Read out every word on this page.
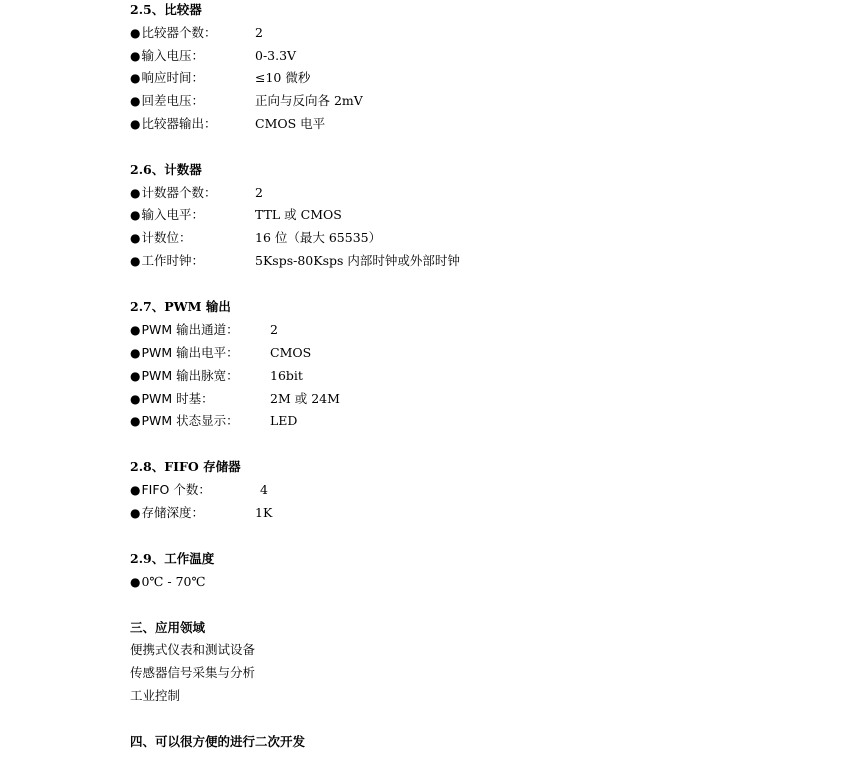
2.5、比较器
●比较器个数：	2
●输入电压：	0-3.3V
●响应时间：	≤10 微秒
●回差电压：	正向与反向各 2mV
●比较器输出：	CMOS 电平
2.6、计数器
●计数器个数：	2
●输入电平：	TTL 或 CMOS
●计数位：	16 位（最大 65535）
●工作时钟：	5Ksps-80Ksps 内部时钟或外部时钟
2.7、PWM 输出
●PWM 输出通道：	2
●PWM 输出电平：	CMOS
●PWM 输出脉宽：	16bit
●PWM 时基：	2M 或 24M
●PWM 状态显示：	LED
2.8、FIFO 存储器
●FIFO 个数：	4
●存储深度：	1K
2.9、工作温度
●0℃ - 70℃
三、应用领域
便携式仪表和测试设备
传感器信号采集与分析
工业控制
四、可以很方便的进行二次开发
